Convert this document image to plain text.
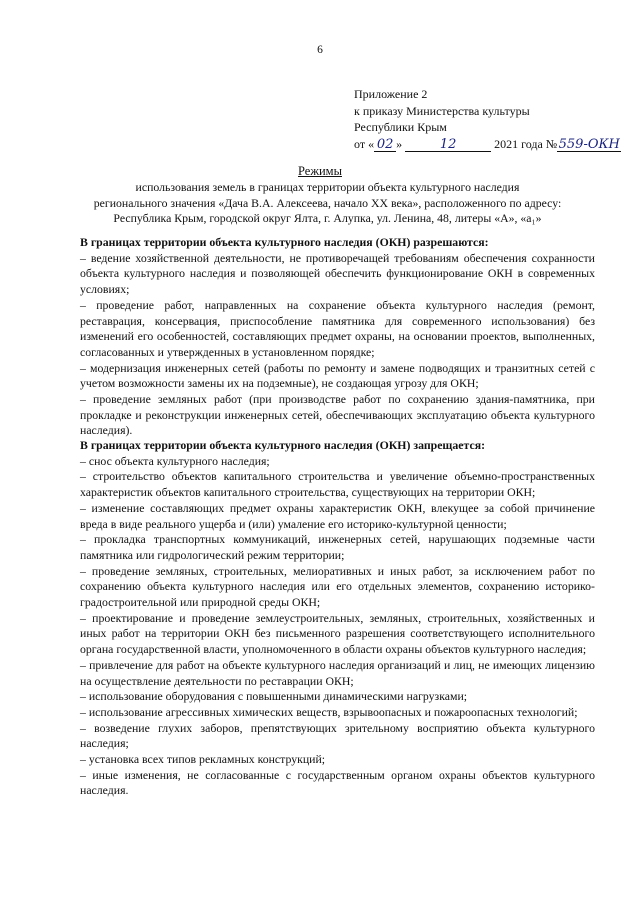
6
Приложение 2
к приказу Министерства культуры
Республики Крым
от « 02 »	12	2021 года №559-ОКН
Режимы
использования земель в границах территории объекта культурного наследия
регионального значения «Дача В.А. Алексеева, начало XX века», расположенного по адресу:
Республика Крым, городской округ Ялта, г. Алупка, ул. Ленина, 48, литеры «А», «а₁»

В границах территории объекта культурного наследия (ОКН) разрешаются:

– ведение хозяйственной деятельности, не противоречащей требованиям обеспечения сохранности объекта культурного наследия и позволяющей обеспечить функционирование ОКН в современных условиях;

– проведение работ, направленных на сохранение объекта культурного наследия (ремонт, реставрация, консервация, приспособление памятника для современного использования) без изменений его особенностей, составляющих предмет охраны, на основании проектов, выполненных, согласованных и утвержденных в установленном порядке;

– модернизация инженерных сетей (работы по ремонту и замене подводящих и транзитных сетей с учетом возможности замены их на подземные), не создающая угрозу для ОКН;

– проведение земляных работ (при производстве работ по сохранению здания-памятника, при прокладке и реконструкции инженерных сетей, обеспечивающих эксплуатацию объекта культурного наследия).

В границах территории объекта культурного наследия (ОКН) запрещается:

– снос объекта культурного наследия;

– строительство объектов капитального строительства и увеличение объемно-пространственных характеристик объектов капитального строительства, существующих на территории ОКН;

– изменение составляющих предмет охраны характеристик ОКН, влекущее за собой причинение вреда в виде реального ущерба и (или) умаление его историко-культурной ценности;

– прокладка транспортных коммуникаций, инженерных сетей, нарушающих подземные части памятника или гидрологический режим территории;

– проведение земляных, строительных, мелиоративных и иных работ, за исключением работ по сохранению объекта культурного наследия или его отдельных элементов, сохранению историко-градостроительной или природной среды ОКН;

– проектирование и проведение землеустроительных, земляных, строительных, хозяйственных и иных работ на территории ОКН без письменного разрешения соответствующего исполнительного органа государственной власти, уполномоченного в области охраны объектов культурного наследия;

– привлечение для работ на объекте культурного наследия организаций и лиц, не имеющих лицензию на осуществление деятельности по реставрации ОКН;

– использование оборудования с повышенными динамическими нагрузками;

– использование агрессивных химических веществ, взрывоопасных и пожароопасных технологий;

– возведение глухих заборов, препятствующих зрительному восприятию объекта культурного наследия;

– установка всех типов рекламных конструкций;

– иные изменения, не согласованные с государственным органом охраны объектов культурного наследия.
